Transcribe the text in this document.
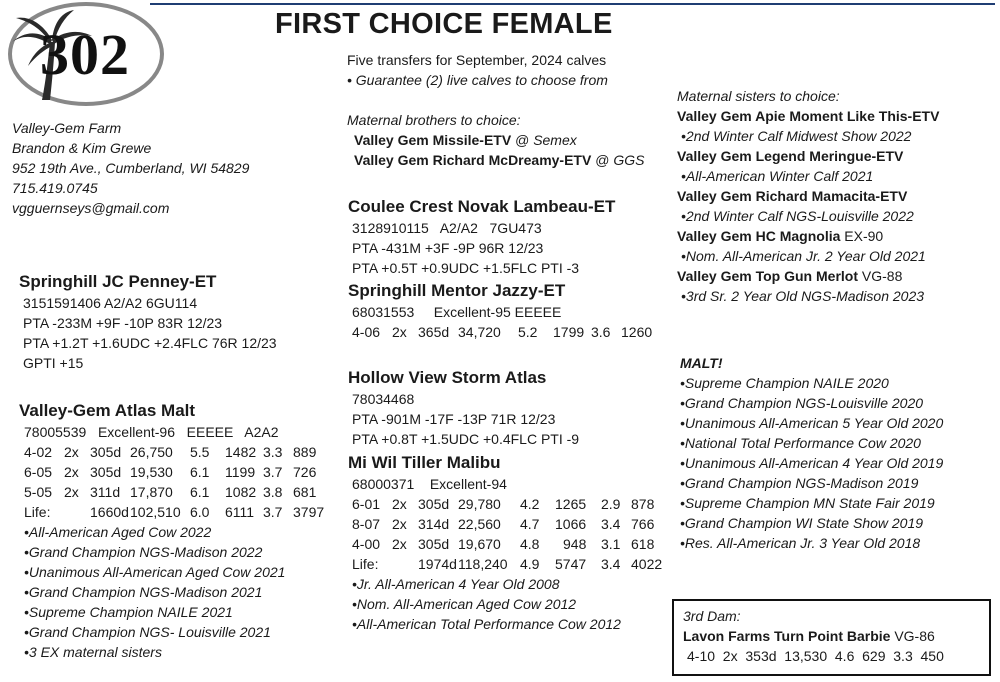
302	FIRST CHOICE FEMALE
Five transfers for September, 2024 calves
• Guarantee (2) live calves to choose from
Valley-Gem Farm
Brandon & Kim Grewe
952 19th Ave., Cumberland, WI 54829
715.419.0745
vgguernseys@gmail.com
Maternal brothers to choice:
Valley Gem Missile-ETV @ Semex
Valley Gem Richard McDreamy-ETV @ GGS
Maternal sisters to choice:
Valley Gem Apie Moment Like This-ETV
•2nd Winter Calf Midwest Show 2022
Valley Gem Legend Meringue-ETV
•All-American Winter Calf 2021
Valley Gem Richard Mamacita-ETV
•2nd Winter Calf NGS-Louisville 2022
Valley Gem HC Magnolia EX-90
•Nom. All-American Jr. 2 Year Old 2021
Valley Gem Top Gun Merlot VG-88
•3rd Sr. 2 Year Old NGS-Madison 2023
Springhill JC Penney-ET
3151591406 A2/A2 6GU114
PTA -233M +9F -10P 83R 12/23
PTA +1.2T +1.6UDC +2.4FLC 76R 12/23
GPTI +15
Valley-Gem Atlas Malt
78005539   Excellent-96   EEEEE   A2A2
4-02 2x 305d 26,750	5.5	1482 3.3 889
6-05 2x 305d 19,530	6.1	1199 3.7 726
5-05 2x 311d 17,870	6.1	1082 3.8 681
Life:	1660d 102,510 6.0	6111 3.7 3797
•All-American Aged Cow 2022
•Grand Champion NGS-Madison 2022
•Unanimous All-American Aged Cow 2021
•Grand Champion NGS-Madison 2021
•Supreme Champion NAILE 2021
•Grand Champion NGS- Louisville 2021
•3 EX maternal sisters
Coulee Crest Novak Lambeau-ET
3128910115   A2/A2   7GU473
PTA -431M +3F -9P 96R 12/23
PTA +0.5T +0.9UDC +1.5FLC PTI -3
Springhill Mentor Jazzy-ET
68031553     Excellent-95 EEEEE
4-06 2x 365d 34,720	5.2	1799 3.6 1260
Hollow View Storm Atlas
78034468
PTA -901M -17F -13P 71R 12/23
PTA +0.8T +1.5UDC +0.4FLC PTI -9
Mi Wil Tiller Malibu
68000371    Excellent-94
6-01 2x 305d 29,780	4.2	1265	2.9 878
8-07 2x 314d 22,560	4.7	1066	3.4 766
4-00 2x 305d 19,670	4.8	948	3.1 618
Life:	1974d 118,240 4.9	5747	3.4 4022
•Jr. All-American 4 Year Old 2008
•Nom. All-American Aged Cow 2012
•All-American Total Performance Cow 2012
MALT!
•Supreme Champion NAILE 2020
•Grand Champion NGS-Louisville 2020
•Unanimous All-American 5 Year Old 2020
•National Total Performance Cow 2020
•Unanimous All-American 4 Year Old 2019
•Grand Champion NGS-Madison 2019
•Supreme Champion MN State Fair 2019
•Grand Champion WI State Show 2019
•Res. All-American Jr. 3 Year Old 2018
3rd Dam:
Lavon Farms Turn Point Barbie VG-86
4-10  2x  353d  13,530  4.6  629  3.3  450
